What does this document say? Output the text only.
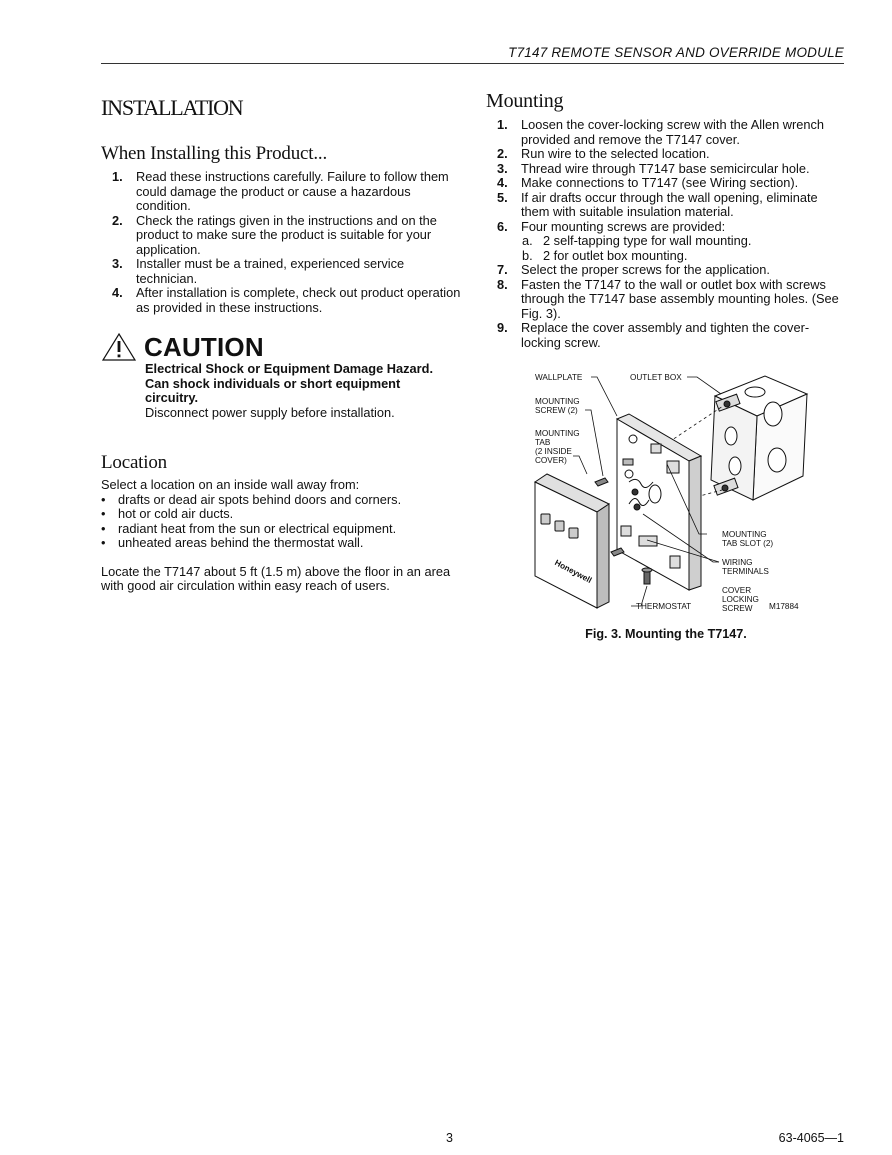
T7147 REMOTE SENSOR AND OVERRIDE MODULE
INSTALLATION
When Installing this Product...
1. Read these instructions carefully. Failure to follow them could damage the product or cause a hazardous condition.
2. Check the ratings given in the instructions and on the product to make sure the product is suitable for your application.
3. Installer must be a trained, experienced service technician.
4. After installation is complete, check out product operation as provided in these instructions.
CAUTION
Electrical Shock or Equipment Damage Hazard. Can shock individuals or short equipment circuitry.
Disconnect power supply before installation.
Location
Select a location on an inside wall away from:
• drafts or dead air spots behind doors and corners.
• hot or cold air ducts.
• radiant heat from the sun or electrical equipment.
• unheated areas behind the thermostat wall.
Locate the T7147 about 5 ft (1.5 m) above the floor in an area with good air circulation within easy reach of users.
Mounting
1. Loosen the cover-locking screw with the Allen wrench provided and remove the T7147 cover.
2. Run wire to the selected location.
3. Thread wire through T7147 base semicircular hole.
4. Make connections to T7147 (see Wiring section).
5. If air drafts occur through the wall opening, eliminate them with suitable insulation material.
6. Four mounting screws are provided:
a. 2 self-tapping type for wall mounting.
b. 2 for outlet box mounting.
7. Select the proper screws for the application.
8. Fasten the T7147 to the wall or outlet box with screws through the T7147 base assembly mounting holes. (See Fig. 3).
9. Replace the cover assembly and tighten the cover-locking screw.
Honeywell
WALLPLATE	OUTLET BOX
MOUNTING
SCREW (2)
MOUNTING
TAB
(2 INSIDE
COVER)
MOUNTING
TAB SLOT (2)
WIRING
TERMINALS
COVER
LOCKING
SCREW
THERMOSTAT	M17884
Fig. 3. Mounting the T7147.
3	63-4065—1
